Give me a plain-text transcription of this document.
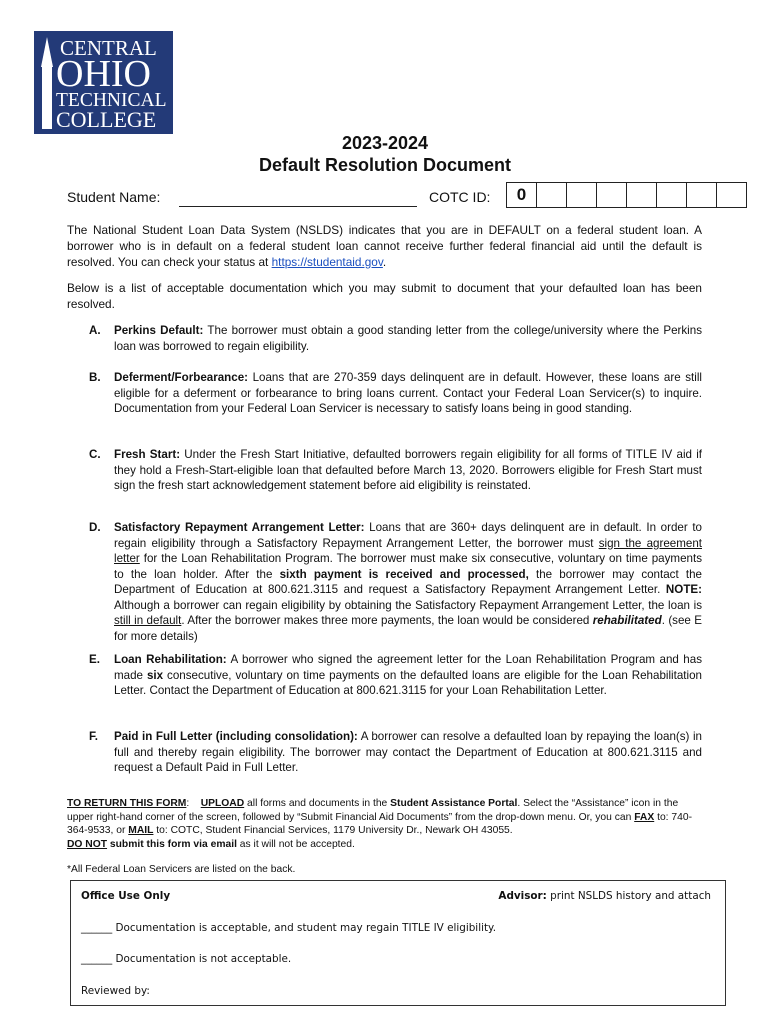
CENTRAL
OHIO
TECHNICAL
COLLEGE
2023-2024
Default Resolution Document
Student Name:	COTC ID:	0
The National Student Loan Data System (NSLDS) indicates that you are in DEFAULT on a federal student loan. A borrower who is in default on a federal student loan cannot receive further federal financial aid until the default is resolved. You can check your status at https://studentaid.gov.
Below is a list of acceptable documentation which you may submit to document that your defaulted loan has been resolved.
A. Perkins Default: The borrower must obtain a good standing letter from the college/university where the Perkins loan was borrowed to regain eligibility.
B. Deferment/Forbearance: Loans that are 270-359 days delinquent are in default. However, these loans are still eligible for a deferment or forbearance to bring loans current. Contact your Federal Loan Servicer(s) to inquire. Documentation from your Federal Loan Servicer is necessary to satisfy loans being in good standing.
C. Fresh Start: Under the Fresh Start Initiative, defaulted borrowers regain eligibility for all forms of TITLE IV aid if they hold a Fresh-Start-eligible loan that defaulted before March 13, 2020. Borrowers eligible for Fresh Start must sign the fresh start acknowledgement statement before aid eligibility is reinstated.
D. Satisfactory Repayment Arrangement Letter: Loans that are 360+ days delinquent are in default. In order to regain eligibility through a Satisfactory Repayment Arrangement Letter, the borrower must sign the agreement letter for the Loan Rehabilitation Program. The borrower must make six consecutive, voluntary on time payments to the loan holder. After the sixth payment is received and processed, the borrower may contact the Department of Education at 800.621.3115 and request a Satisfactory Repayment Arrangement Letter. NOTE: Although a borrower can regain eligibility by obtaining the Satisfactory Repayment Arrangement Letter, the loan is still in default. After the borrower makes three more payments, the loan would be considered rehabilitated. (see E for more details)
E. Loan Rehabilitation: A borrower who signed the agreement letter for the Loan Rehabilitation Program and has made six consecutive, voluntary on time payments on the defaulted loans are eligible for the Loan Rehabilitation Letter. Contact the Department of Education at 800.621.3115 for your Loan Rehabilitation Letter.
F. Paid in Full Letter (including consolidation): A borrower can resolve a defaulted loan by repaying the loan(s) in full and thereby regain eligibility. The borrower may contact the Department of Education at 800.621.3115 and request a Default Paid in Full Letter.
TO RETURN THIS FORM: UPLOAD all forms and documents in the Student Assistance Portal. Select the “Assistance” icon in the upper right-hand corner of the screen, followed by “Submit Financial Aid Documents” from the drop-down menu. Or, you can FAX to: 740-364-9533, or MAIL to: COTC, Student Financial Services, 1179 University Dr., Newark OH 43055.
DO NOT submit this form via email as it will not be accepted.
*All Federal Loan Servicers are listed on the back.
Office Use Only	Advisor: print NSLDS history and attach
______ Documentation is acceptable, and student may regain TITLE IV eligibility.
______ Documentation is not acceptable.
Reviewed by:
